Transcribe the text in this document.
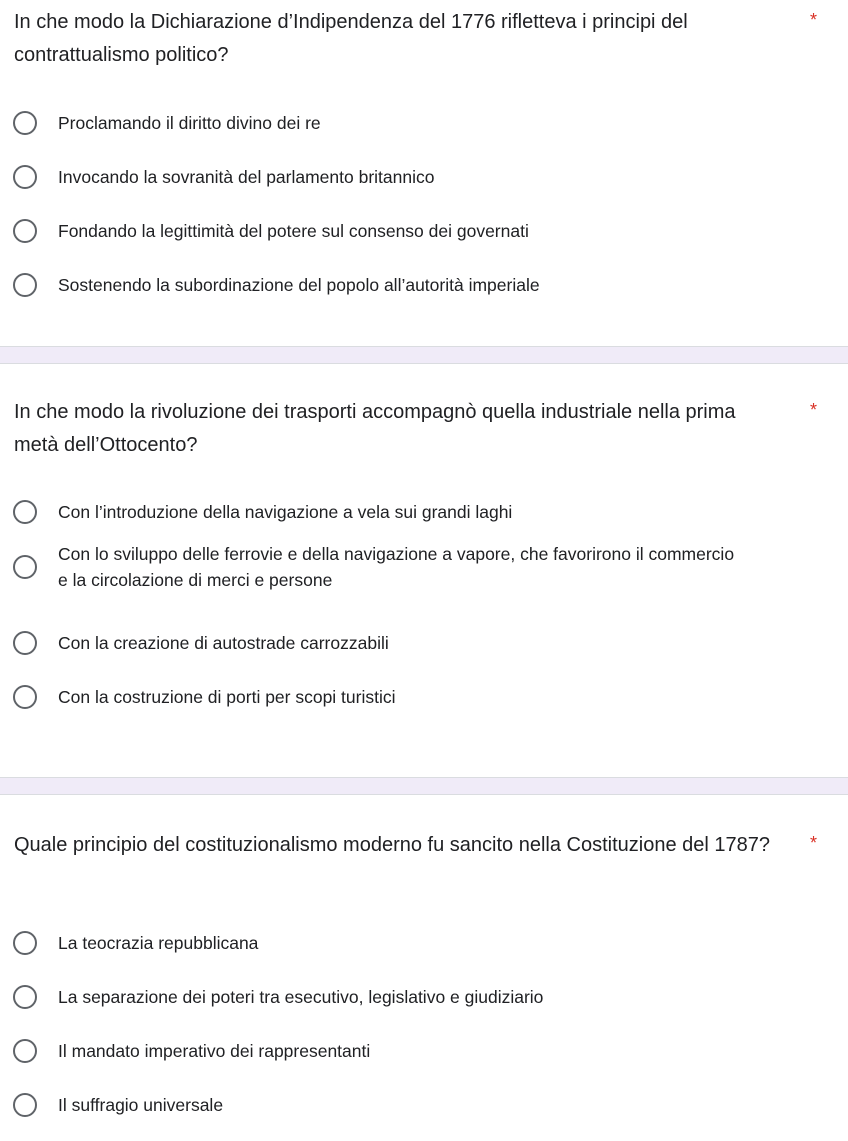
In che modo la Dichiarazione d’Indipendenza del 1776 rifletteva i principi del contrattualismo politico?
*
Proclamando il diritto divino dei re
Invocando la sovranità del parlamento britannico
Fondando la legittimità del potere sul consenso dei governati
Sostenendo la subordinazione del popolo all’autorità imperiale
In che modo la rivoluzione dei trasporti accompagnò quella industriale nella prima metà dell’Ottocento?
*
Con l’introduzione della navigazione a vela sui grandi laghi
Con lo sviluppo delle ferrovie e della navigazione a vapore, che favorirono il commercio e la circolazione di merci e persone
Con la creazione di autostrade carrozzabili
Con la costruzione di porti per scopi turistici
Quale principio del costituzionalismo moderno fu sancito nella Costituzione del 1787?	*
La teocrazia repubblicana
La separazione dei poteri tra esecutivo, legislativo e giudiziario
Il mandato imperativo dei rappresentanti
Il suffragio universale
